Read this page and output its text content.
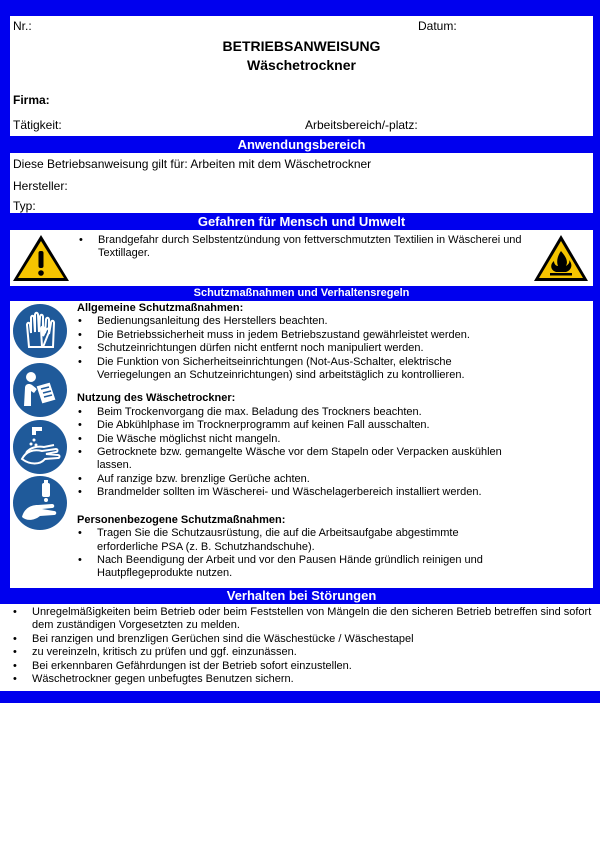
Nr.:	Datum:
BETRIEBSANWEISUNG
Wäschetrockner
Firma:
Tätigkeit:	Arbeitsbereich/-platz:
Anwendungsbereich
Diese Betriebsanweisung gilt für: Arbeiten mit dem Wäschetrockner
Hersteller:
Typ:
Gefahren für Mensch und Umwelt
• Brandgefahr durch Selbstentzündung von fettverschmutzten Textilien in Wäscherei und Textillager.
Schutzmaßnahmen und Verhaltensregeln
Allgemeine Schutzmaßnahmen:
• Bedienungsanleitung des Herstellers beachten.
• Die Betriebssicherheit muss in jedem Betriebszustand gewährleistet werden.
• Schutzeinrichtungen dürfen nicht entfernt noch manipuliert werden.
• Die Funktion von Sicherheitseinrichtungen (Not-Aus-Schalter, elektrische Verriegelungen an Schutzeinrichtungen) sind arbeitstäglich zu kontrollieren.
Nutzung des Wäschetrockner:
• Beim Trockenvorgang die max. Beladung des Trockners beachten.
• Die Abkühlphase im Trocknerprogramm auf keinen Fall ausschalten.
• Die Wäsche möglichst nicht mangeln.
• Getrocknete bzw. gemangelte Wäsche vor dem Stapeln oder Verpacken auskühlen lassen.
• Auf ranzige bzw. brenzlige Gerüche achten.
• Brandmelder sollten im Wäscherei- und Wäschelagerbereich installiert werden.
Personenbezogene Schutzmaßnahmen:
• Tragen Sie die Schutzausrüstung, die auf die Arbeitsaufgabe abgestimmte erforderliche PSA (z. B. Schutzhandschuhe).
• Nach Beendigung der Arbeit und vor den Pausen Hände gründlich reinigen und Hautpflegeprodukte nutzen.
Verhalten bei Störungen
• Unregelmäßigkeiten beim Betrieb oder beim Feststellen von Mängeln die den sicheren Betrieb betreffen sind sofort dem zuständigen Vorgesetzten zu melden.
• Bei ranzigen und brenzligen Gerüchen sind die Wäschestücke / Wäschestapel
• zu vereinzeln, kritisch zu prüfen und ggf. einzunässen.
• Bei erkennbaren Gefährdungen ist der Betrieb sofort einzustellen.
• Wäschetrockner gegen unbefugtes Benutzen sichern.
